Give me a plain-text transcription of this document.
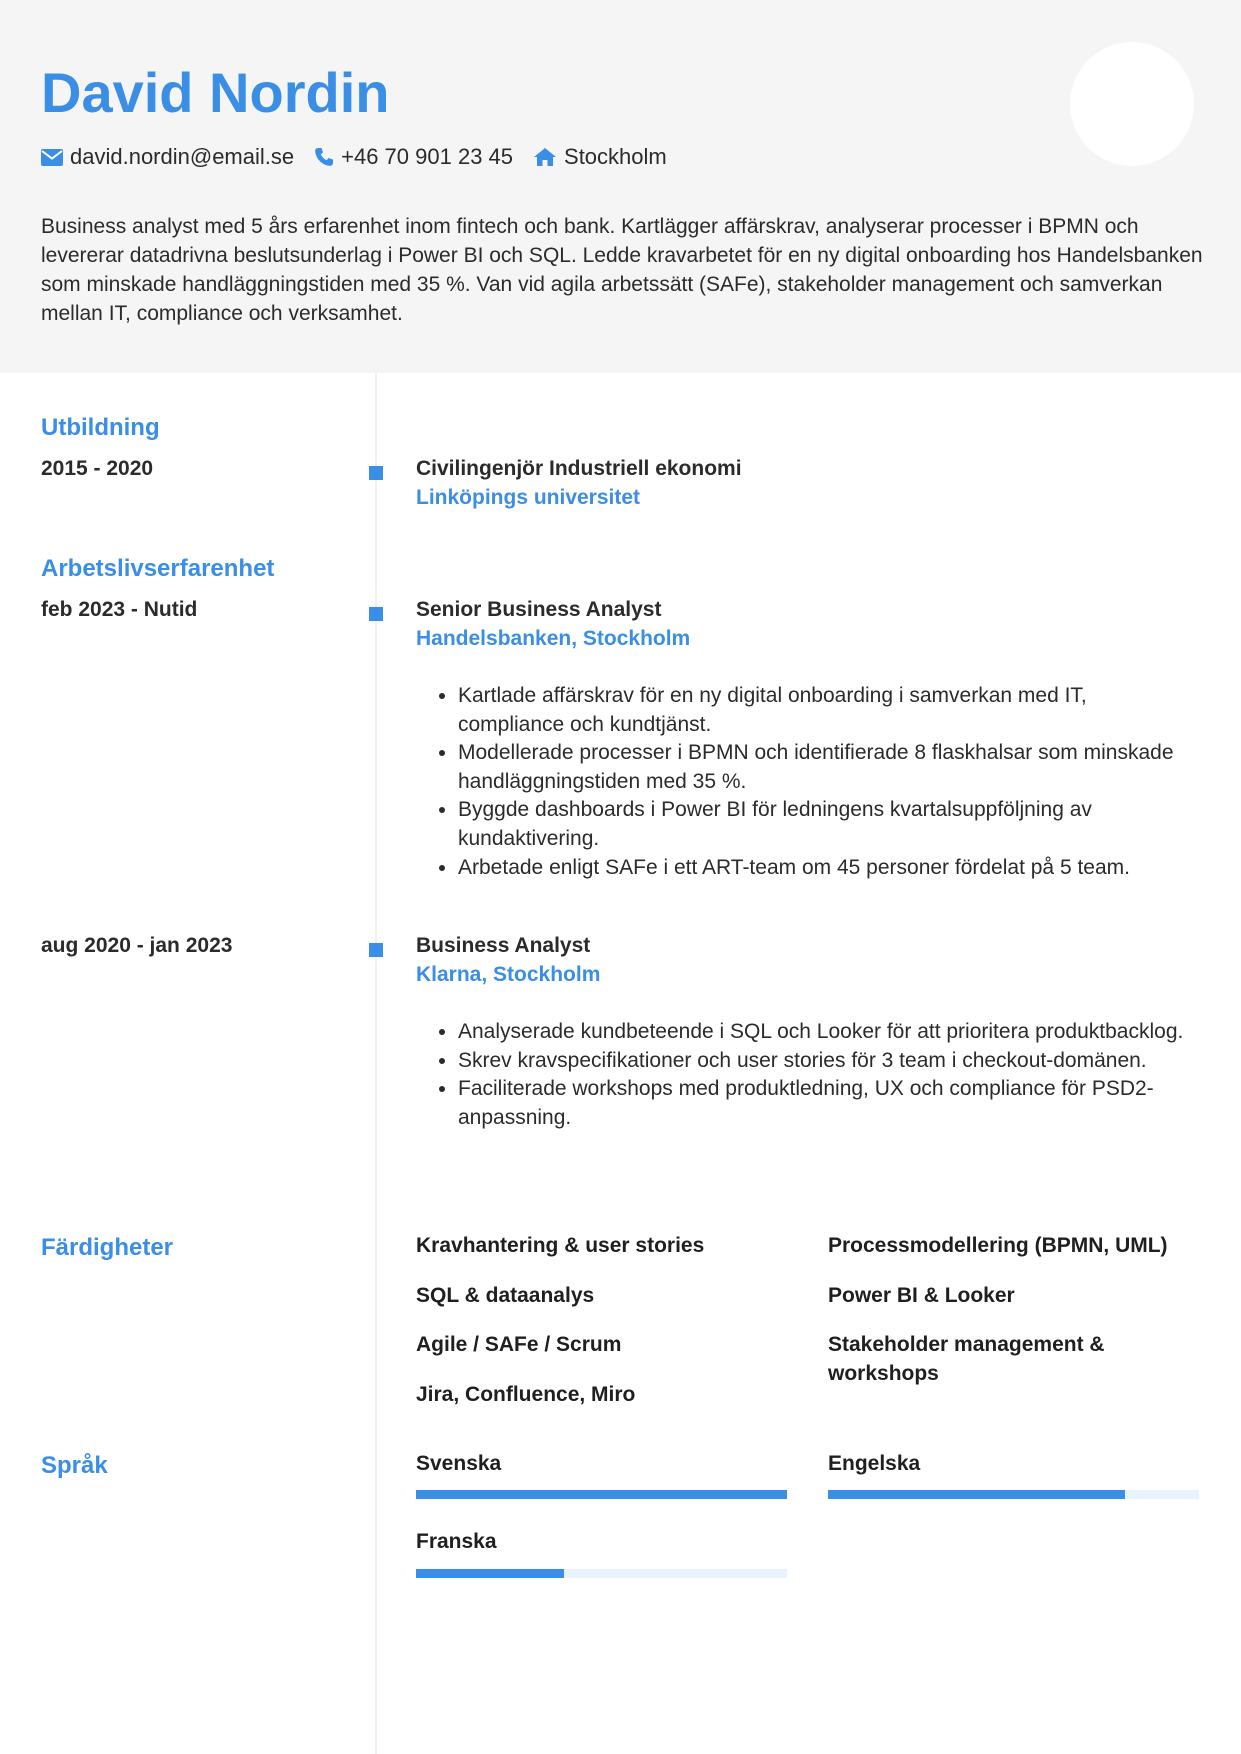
David Nordin
david.nordin@email.se +46 70 901 23 45 Stockholm

Business analyst med 5 års erfarenhet inom fintech och bank. Kartlägger affärskrav, analyserar processer i BPMN och levererar datadrivna beslutsunderlag i Power BI och SQL. Ledde kravarbetet för en ny digital onboarding hos Handelsbanken som minskade handläggningstiden med 35 %. Van vid agila arbetssätt (SAFe), stakeholder management och samverkan mellan IT, compliance och verksamhet.

Utbildning
2015 - 2020	Civilingenjör Industriell ekonomi
Linköpings universitet
Arbetslivserfarenhet
feb 2023 - Nutid	Senior Business Analyst
Handelsbanken, Stockholm
• Kartlade affärskrav för en ny digital onboarding i samverkan med IT, compliance och kundtjänst.
• Modellerade processer i BPMN och identifierade 8 flaskhalsar som minskade handläggningstiden med 35 %.
• Byggde dashboards i Power BI för ledningens kvartalsuppföljning av kundaktivering.
• Arbetade enligt SAFe i ett ART-team om 45 personer fördelat på 5 team.
aug 2020 - jan 2023	Business Analyst
Klarna, Stockholm
• Analyserade kundbeteende i SQL och Looker för att prioritera produktbacklog.
• Skrev kravspecifikationer och user stories för 3 team i checkout-domänen.
• Faciliterade workshops med produktledning, UX och compliance för PSD2-anpassning.
Färdigheter	Kravhantering & user stories	Processmodellering (BPMN, UML)
SQL & dataanalys	Power BI & Looker
Agile / SAFe / Scrum	Stakeholder management & workshops
Jira, Confluence, Miro
Språk	Svenska	Engelska
Franska
